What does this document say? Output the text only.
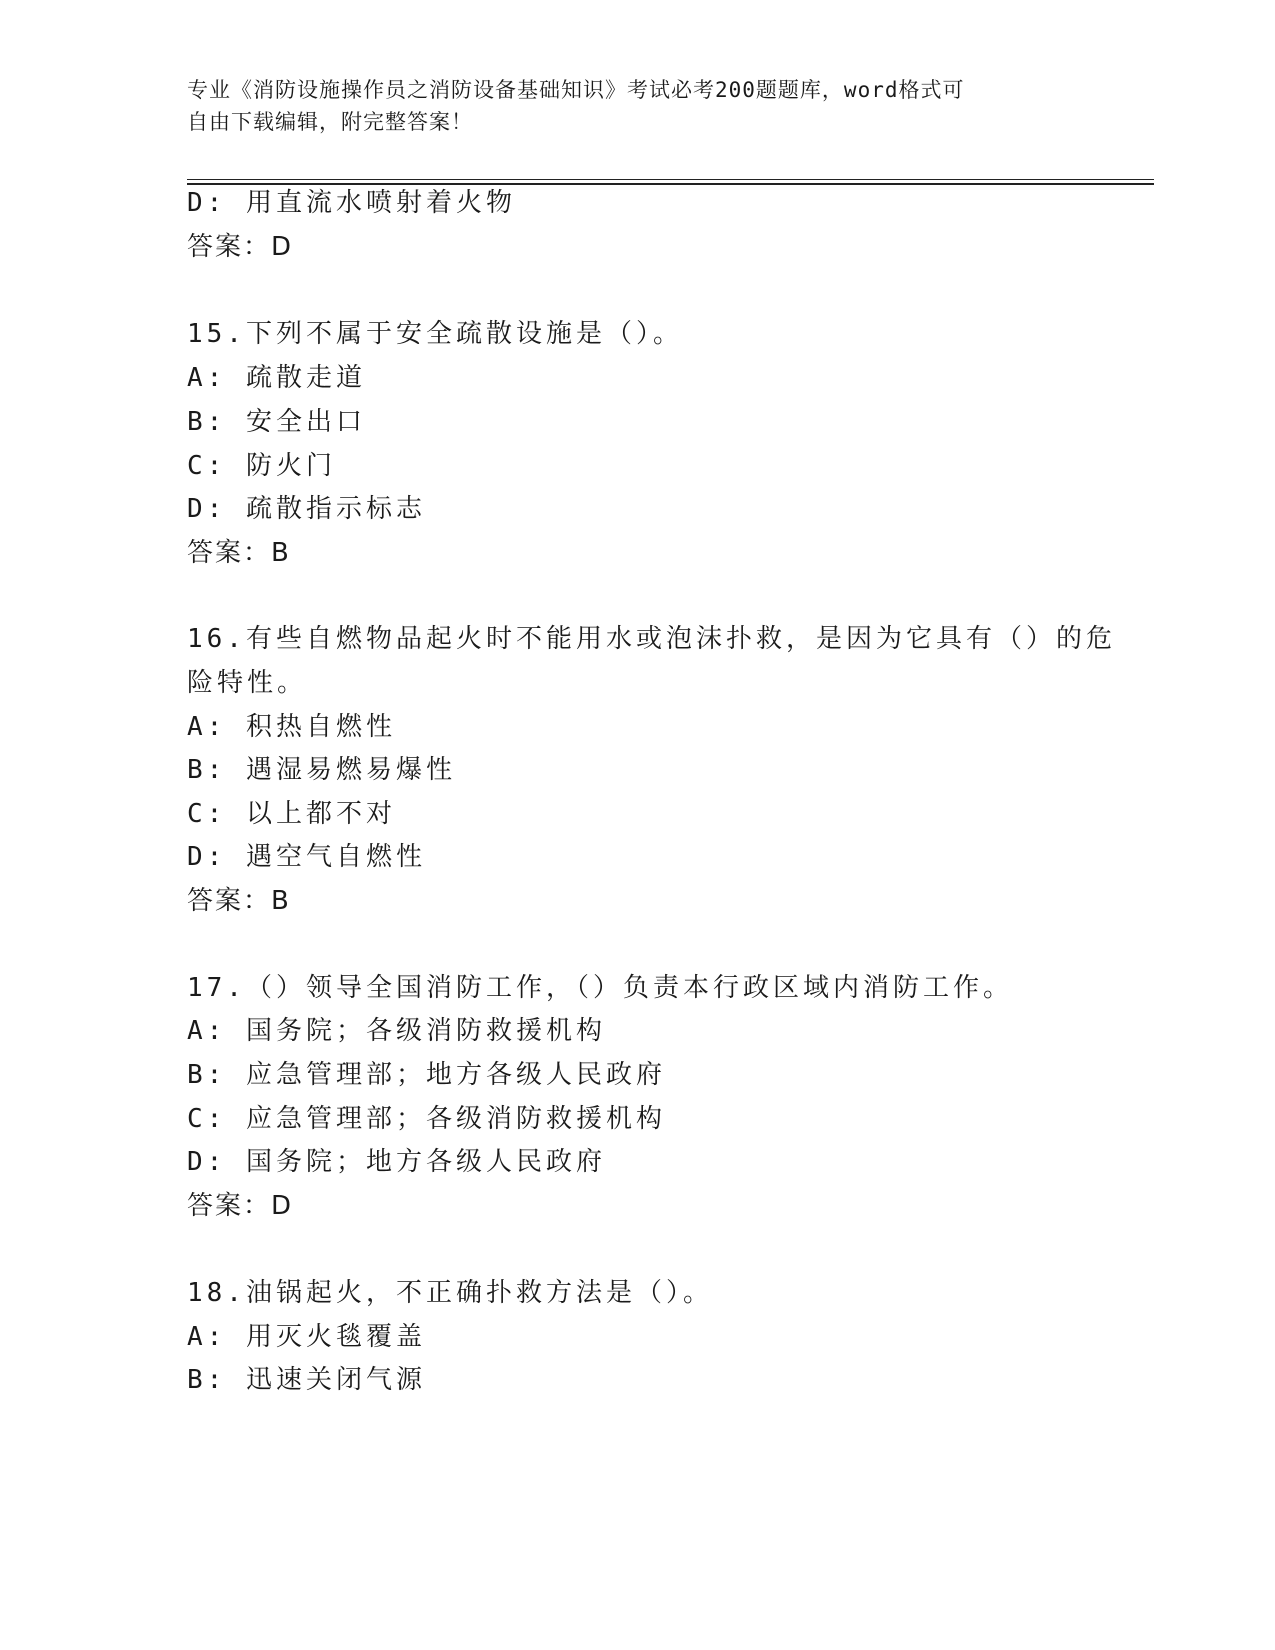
专业《消防设施操作员之消防设备基础知识》考试必考200题题库，word格式可
自由下载编辑，附完整答案！
D: 用直流水喷射着火物
答案：D
15.下列不属于安全疏散设施是（）。
A: 疏散走道
B: 安全出口
C: 防火门
D: 疏散指示标志
答案：B
16.有些自燃物品起火时不能用水或泡沫扑救，是因为它具有（）的危
险特性。
A: 积热自燃性
B: 遇湿易燃易爆性
C: 以上都不对
D: 遇空气自燃性
答案：B
17.（）领导全国消防工作，（）负责本行政区域内消防工作。
A: 国务院；各级消防救援机构
B: 应急管理部；地方各级人民政府
C: 应急管理部；各级消防救援机构
D: 国务院；地方各级人民政府
答案：D
18.油锅起火，不正确扑救方法是（）。
A: 用灭火毯覆盖
B: 迅速关闭气源
